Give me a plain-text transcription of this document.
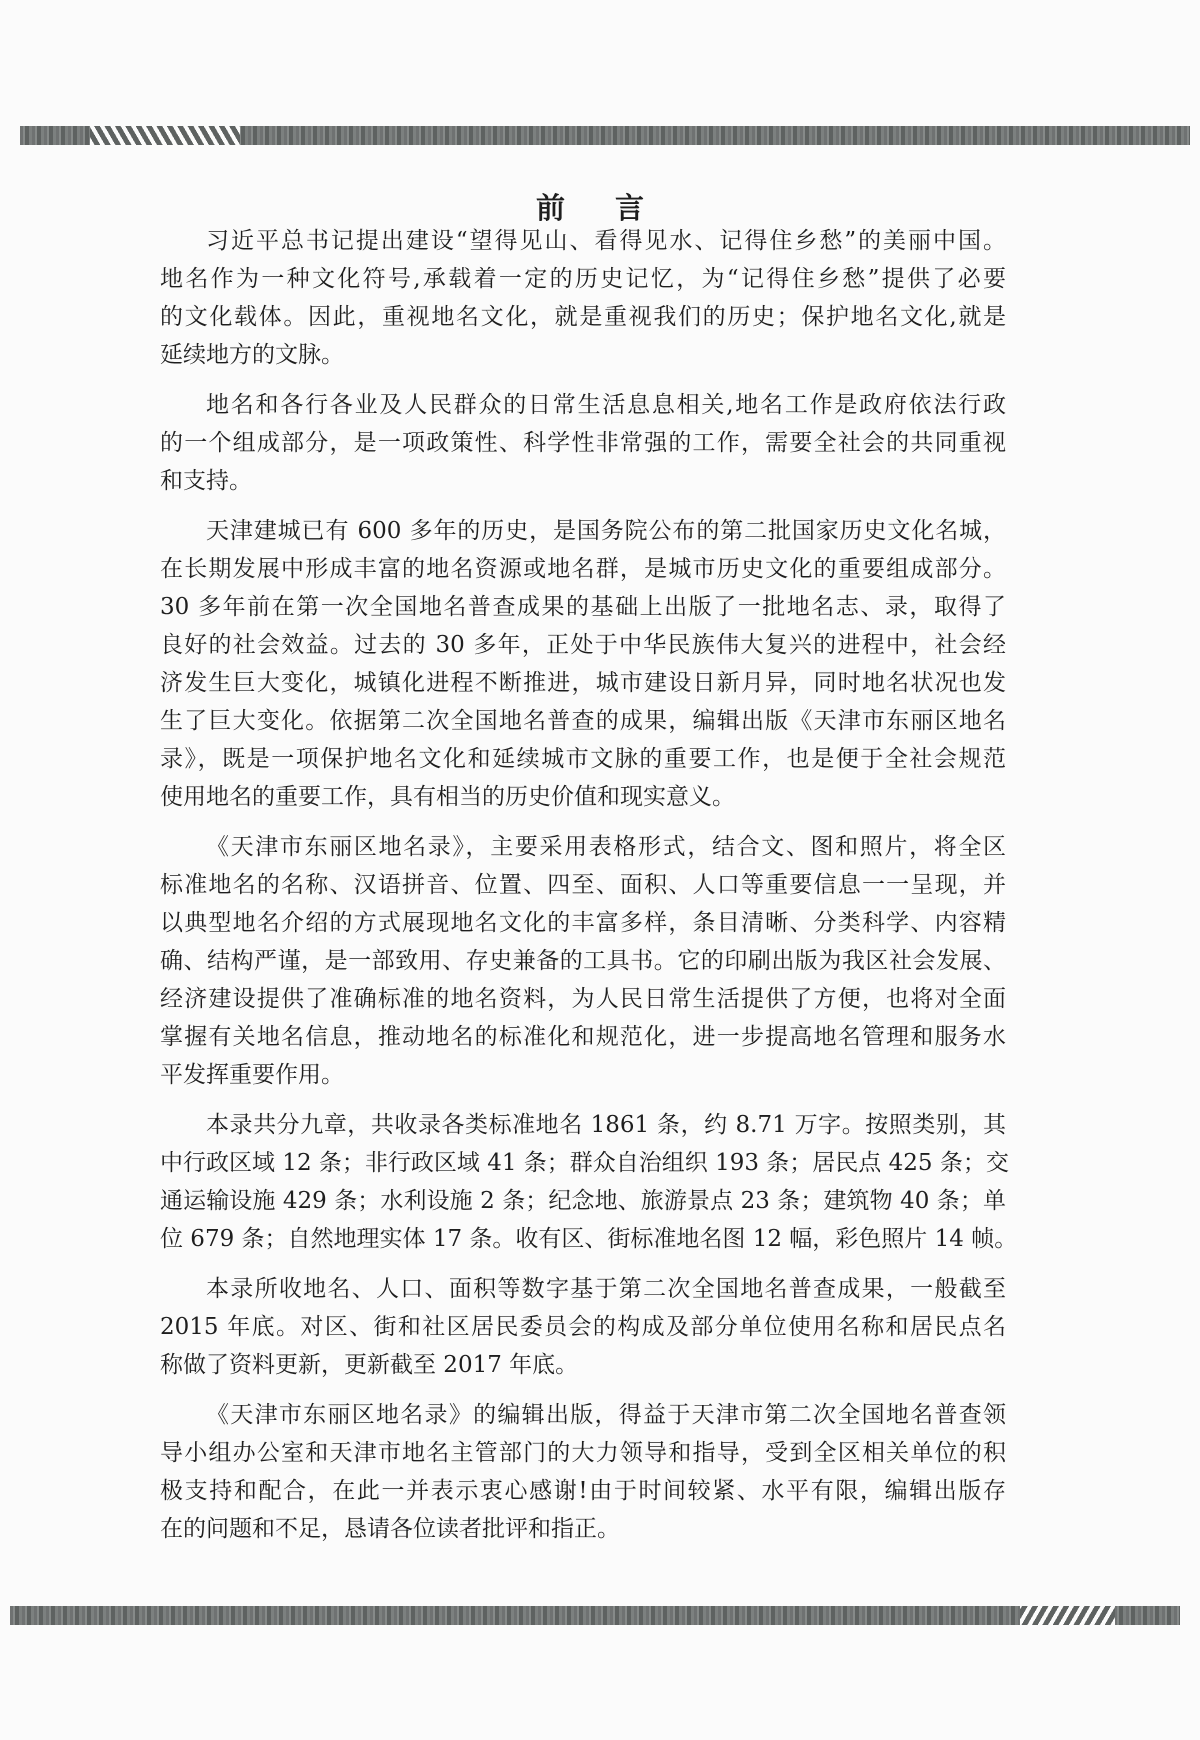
前 言
习近平总书记提出建设“望得见山、看得见水、记得住乡愁”的美丽中国。
地名作为一种文化符号,承载着一定的历史记忆，为“记得住乡愁”提供了必要
的文化载体。因此，重视地名文化，就是重视我们的历史；保护地名文化,就是
延续地方的文脉。
地名和各行各业及人民群众的日常生活息息相关,地名工作是政府依法行政
的一个组成部分，是一项政策性、科学性非常强的工作，需要全社会的共同重视
和支持。
天津建城已有 600 多年的历史，是国务院公布的第二批国家历史文化名城，
在长期发展中形成丰富的地名资源或地名群，是城市历史文化的重要组成部分。
30 多年前在第一次全国地名普查成果的基础上出版了一批地名志、录，取得了
良好的社会效益。过去的 30 多年，正处于中华民族伟大复兴的进程中，社会经
济发生巨大变化，城镇化进程不断推进，城市建设日新月异，同时地名状况也发
生了巨大变化。依据第二次全国地名普查的成果，编辑出版《天津市东丽区地名
录》，既是一项保护地名文化和延续城市文脉的重要工作，也是便于全社会规范
使用地名的重要工作，具有相当的历史价值和现实意义。
《天津市东丽区地名录》，主要采用表格形式，结合文、图和照片，将全区
标准地名的名称、汉语拼音、位置、四至、面积、人口等重要信息一一呈现，并
以典型地名介绍的方式展现地名文化的丰富多样，条目清晰、分类科学、内容精
确、结构严谨，是一部致用、存史兼备的工具书。它的印刷出版为我区社会发展、
经济建设提供了准确标准的地名资料，为人民日常生活提供了方便，也将对全面
掌握有关地名信息，推动地名的标准化和规范化，进一步提高地名管理和服务水
平发挥重要作用。
本录共分九章，共收录各类标准地名 1861 条，约 8.71 万字。按照类别，其
中行政区域 12 条；非行政区域 41 条；群众自治组织 193 条；居民点 425 条；交
通运输设施 429 条；水利设施 2 条；纪念地、旅游景点 23 条；建筑物 40 条；单
位 679 条；自然地理实体 17 条。收有区、街标准地名图 12 幅，彩色照片 14 帧。
本录所收地名、人口、面积等数字基于第二次全国地名普查成果，一般截至
2015 年底。对区、街和社区居民委员会的构成及部分单位使用名称和居民点名
称做了资料更新，更新截至 2017 年底。
《天津市东丽区地名录》的编辑出版，得益于天津市第二次全国地名普查领
导小组办公室和天津市地名主管部门的大力领导和指导，受到全区相关单位的积
极支持和配合，在此一并表示衷心感谢!由于时间较紧、水平有限，编辑出版存
在的问题和不足，恳请各位读者批评和指正。
